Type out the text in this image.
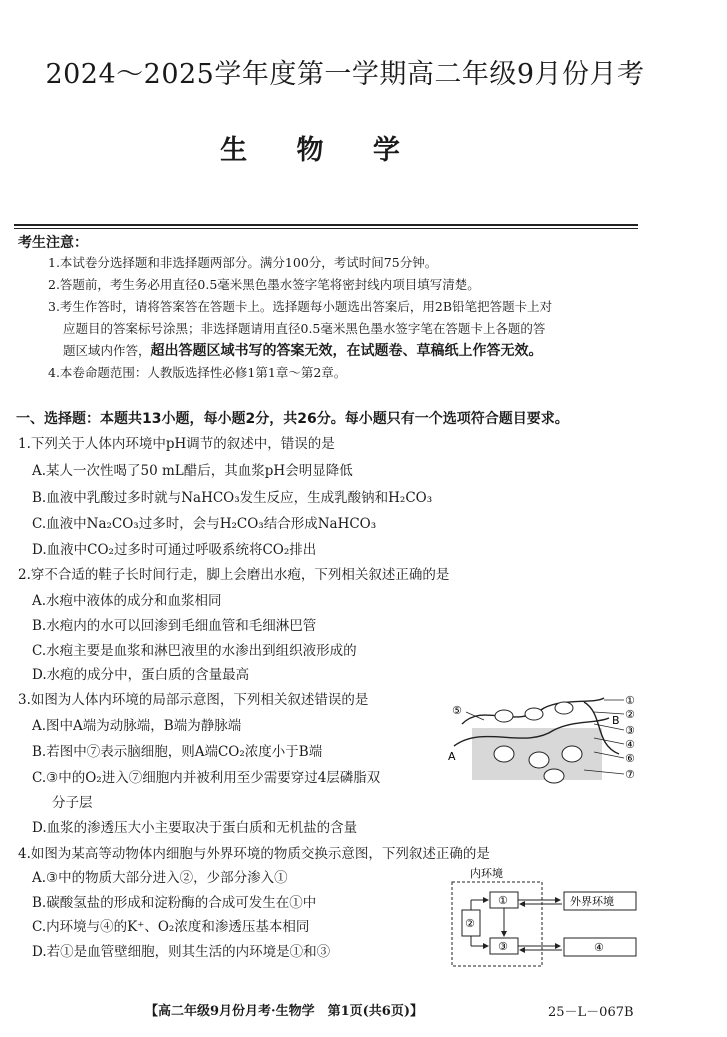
2024～2025学年度第一学期高二年级9月份月考
生 物 学
考生注意：
1.本试卷分选择题和非选择题两部分。满分100分，考试时间75分钟。
2.答题前，考生务必用直径0.5毫米黑色墨水签字笔将密封线内项目填写清楚。
3.考生作答时，请将答案答在答题卡上。选择题每小题选出答案后，用2B铅笔把答题卡上对
应题目的答案标号涂黑；非选择题请用直径0.5毫米黑色墨水签字笔在答题卡上各题的答
题区域内作答，超出答题区域书写的答案无效，在试题卷、草稿纸上作答无效。
4.本卷命题范围：人教版选择性必修1第1章～第2章。
一、选择题：本题共13小题，每小题2分，共26分。每小题只有一个选项符合题目要求。
1.下列关于人体内环境中pH调节的叙述中，错误的是
A.某人一次性喝了50 mL醋后，其血浆pH会明显降低
B.血液中乳酸过多时就与NaHCO₃发生反应，生成乳酸钠和H₂CO₃
C.血液中Na₂CO₃过多时，会与H₂CO₃结合形成NaHCO₃
D.血液中CO₂过多时可通过呼吸系统将CO₂排出
2.穿不合适的鞋子长时间行走，脚上会磨出水疱，下列相关叙述正确的是
A.水疱中液体的成分和血浆相同
B.水疱内的水可以回渗到毛细血管和毛细淋巴管
C.水疱主要是血浆和淋巴液里的水渗出到组织液形成的
D.水疱的成分中，蛋白质的含量最高
3.如图为人体内环境的局部示意图，下列相关叙述错误的是
A.图中A端为动脉端，B端为静脉端
B.若图中⑦表示脑细胞，则A端CO₂浓度小于B端
C.③中的O₂进入⑦细胞内并被利用至少需要穿过4层磷脂双
分子层
D.血浆的渗透压大小主要取决于蛋白质和无机盐的含量
①
②
③
④
⑥
⑦
⑤
A
B
4.如图为某高等动物体内细胞与外界环境的物质交换示意图，下列叙述正确的是
A.③中的物质大部分进入②，少部分渗入①
B.碳酸氢盐的形成和淀粉酶的合成可发生在①中
C.内环境与④的K⁺、O₂浓度和渗透压基本相同
D.若①是血管壁细胞，则其生活的内环境是①和③
内环境
①
②
③
外界环境
④
【高二年级9月份月考·生物学　第1页(共6页)】	25－L－067B
